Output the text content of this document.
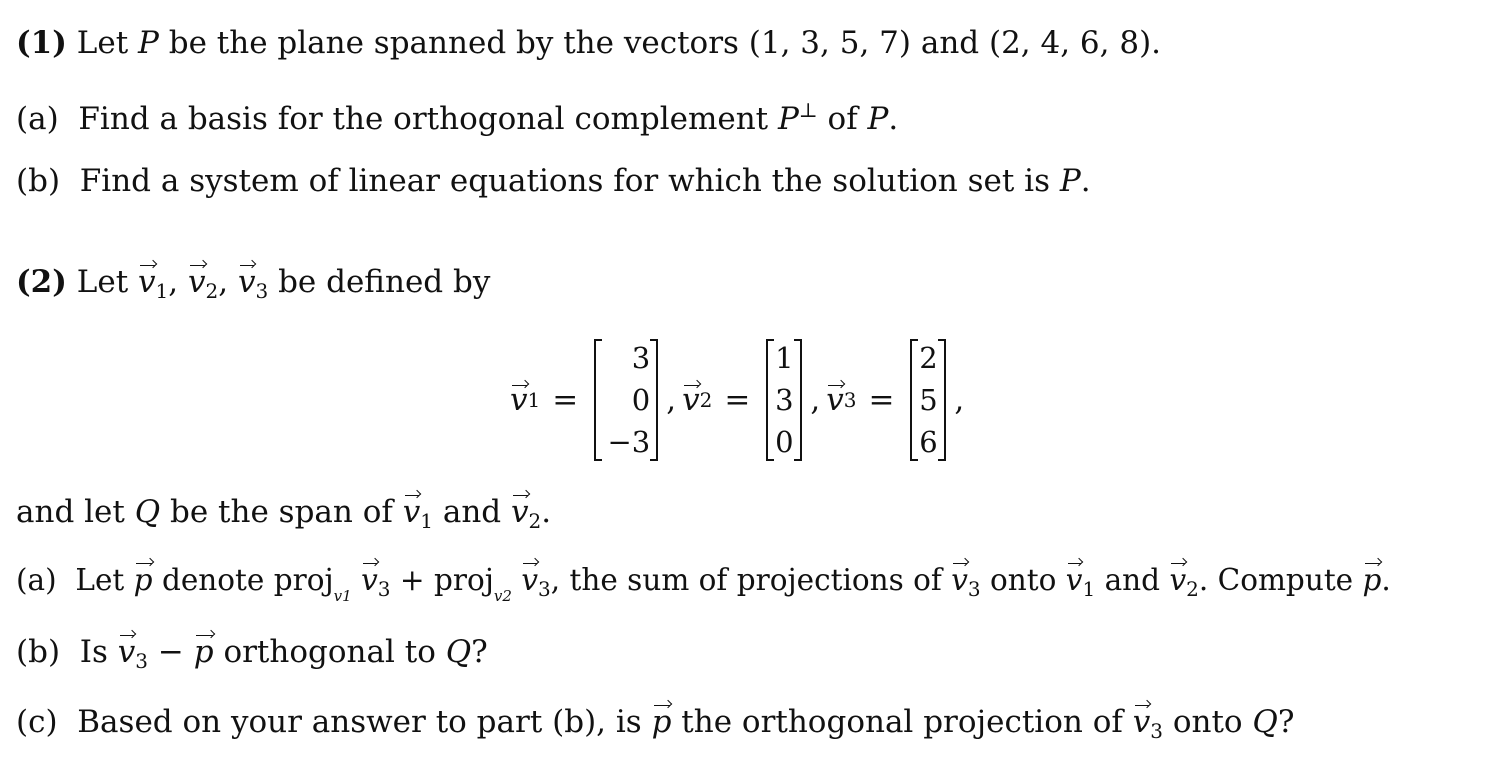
(1) Let P be the plane spanned by the vectors (1, 3, 5, 7) and (2, 4, 6, 8).
(a) Find a basis for the orthogonal complement P⊥ of P.
(b) Find a system of linear equations for which the solution set is P.
(2) Let $v_1$, $v_2$, $v_3$ be defined by
v 1 =
3
0
−3
, v 2 =
1
3
0
, v 3 =
2
5
6
,
and let Q be the span of $v_1$ and $v_2$.
(a) Let p denote proj$_{v1}$ $v_3$ + proj$_{v2}$ $v_3$, the sum of projections of $v_3$ onto $v_1$ and $v_2$. Compute p.
(b) Is $v_3 - p$ orthogonal to Q?
(c) Based on your answer to part (b), is p the orthogonal projection of $v_3$ onto Q?
